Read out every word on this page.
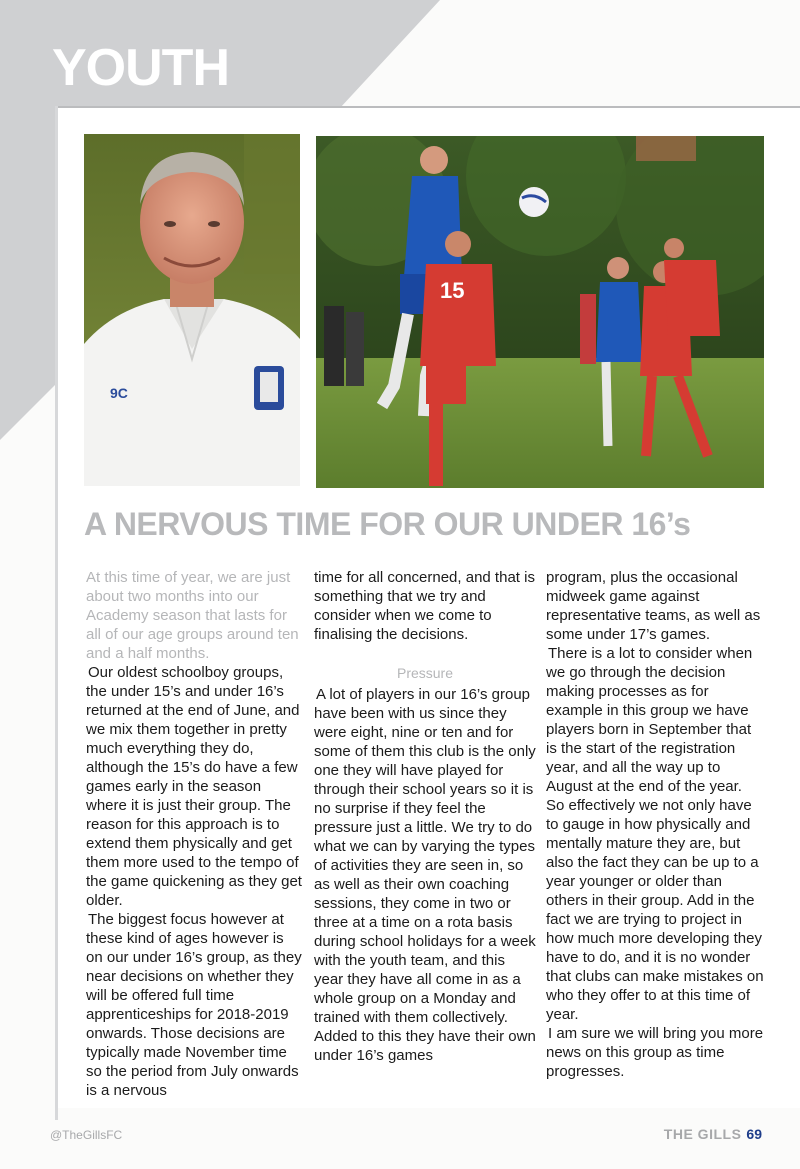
YOUTH
9C
15
A NERVOUS TIME FOR OUR UNDER 16’s

At this time of year, we are just about two months into our Academy season that lasts for all of our age groups around ten and a half months.

Our oldest schoolboy groups, the under 15’s and under 16’s returned at the end of June, and we mix them together in pretty much everything they do, although the 15’s do have a few games early in the season where it is just their group. The reason for this approach is to extend them physically and get them more used to the tempo of the game quickening as they get older.

The biggest focus however at these kind of ages however is on our under 16’s group, as they near decisions on whether they will be offered full time apprenticeships for 2018-2019 onwards. Those decisions are typically made November time so the period from July onwards is a nervous

time for all concerned, and that is something that we try and consider when we come to finalising the decisions.

Pressure

A lot of players in our 16’s group have been with us since they were eight, nine or ten and for some of them this club is the only one they will have played for through their school years so it is no surprise if they feel the pressure just a little. We try to do what we can by varying the types of activities they are seen in, so as well as their own coaching sessions, they come in two or three at a time on a rota basis during school holidays for a week with the youth team, and this year they have all come in as a whole group on a Monday and trained with them collectively. Added to this they have their own under 16’s games

program, plus the occasional midweek game against representative teams, as well as some under 17’s games.

There is a lot to consider when we go through the decision making processes as for example in this group we have players born in September that is the start of the registration year, and all the way up to August at the end of the year. So effectively we not only have to gauge in how physically and mentally mature they are, but also the fact they can be up to a year younger or older than others in their group. Add in the fact we are trying to project in how much more developing they have to do, and it is no wonder that clubs can make mistakes on who they offer to at this time of year.

I am sure we will bring you more news on this group as time progresses.

@TheGillsFC	THE GILLS 69
